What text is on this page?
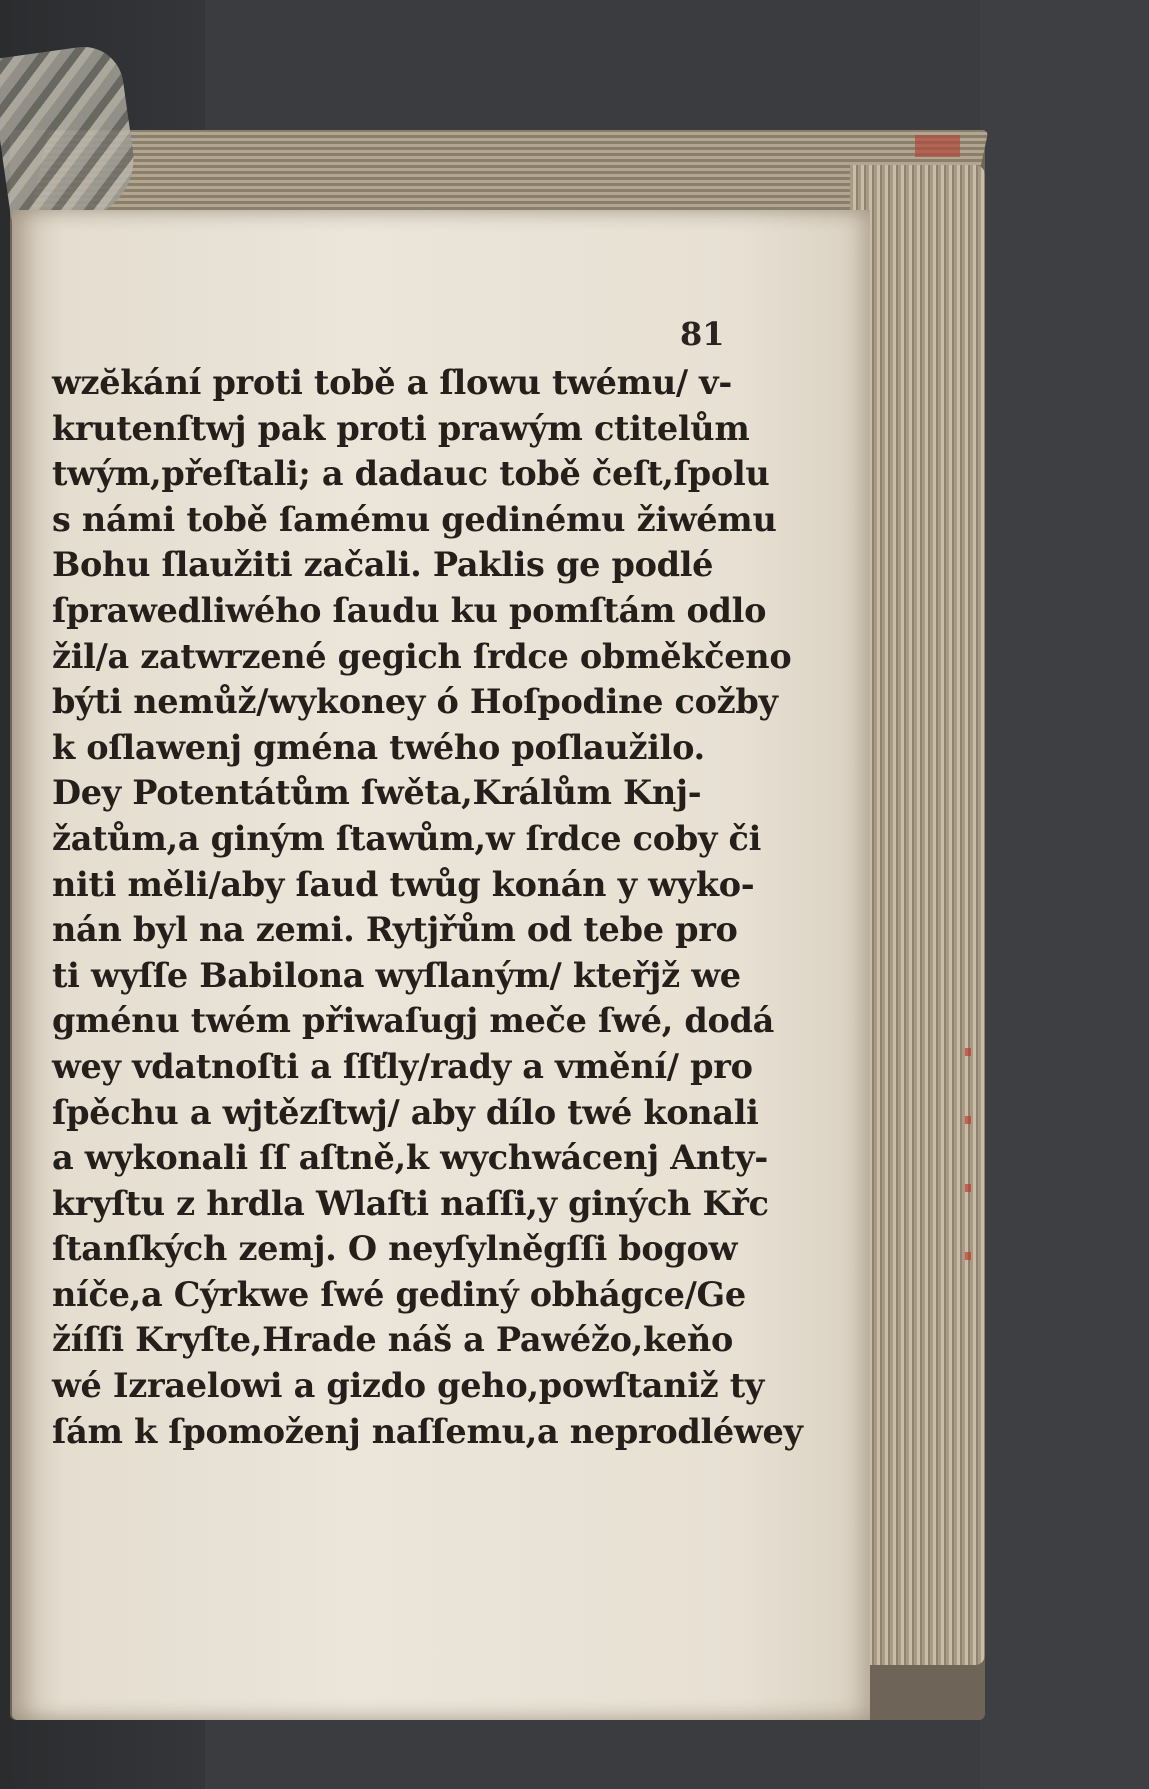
81
wzĕkání proti tobě a ſlowu twému/ v-
krutenſtwj pak proti prawým ctitelům
twým,přeſtali; a dadauc tobě čeſt,ſpolu
s námi tobě ſamému gedinému žiwému
Bohu ſlaužiti začali. Paklis ge podlé
ſprawedliwého ſaudu ku pomſtám odlo
žil/a zatwrzené gegich ſrdce obměkčeno
býti nemůž/wykoney ó Hoſpodine cožby
k oſlawenj gména twého poſlaužilo.
Dey Potentátům ſwěta,Králům Knj-
žatům,a giným ſtawům,w ſrdce coby či
niti měli/aby ſaud twůg konán y wyko-
nán byl na zemi. Rytjřům od tebe pro
ti wyſſe Babilona wyſlaným/ kteřjž we
gménu twém přiwaſugj meče ſwé, dodá
wey vdatnoſti a ſſťly/rady a vmění/ pro
ſpěchu a wjtězſtwj/ aby dílo twé konali
a wykonali ſſ aſtně,k wychwácenj Anty-
kryſtu z hrdla Wlaſti naſſi,y giných Křc
ſtanſkých zemj. O neyſylněgſſi bogow
níče,a Cýrkwe ſwé gediný obhágce/Ge
žíſſi Kryſte,Hrade náš a Pawéžo,keňo
wé Izraelowi a gizdo geho,powſtaniž ty
ſám k ſpomoženj naſſemu,a neprodléwey
